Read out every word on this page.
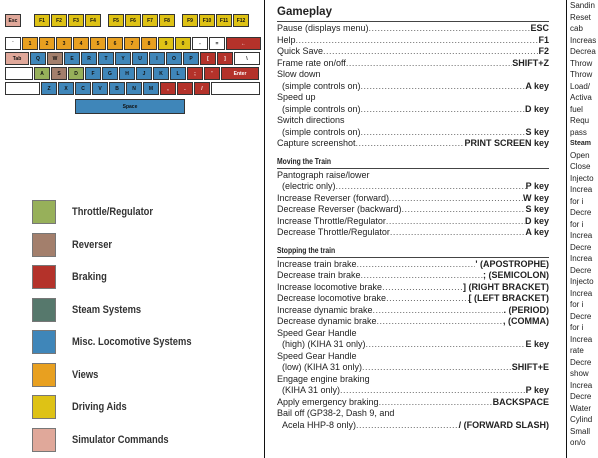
Esc	F1	F2	F3	F4	F5	F6	F7	F8	F9	F10	F11	F12
`	1	2	3	4	5	6	7	8	9	0	-	=	←
Tab	Q	W	E	R	T	Y	U	I	O	P	[	]	\
A	S	D	F	G	H	J	K	L	;	'	Enter
Z	X	C	V	B	N	M	,	.	/
Space
Throttle/Regulator
Reverser
Braking
Steam Systems
Misc. Locomotive Systems
Views
Driving Aids
Simulator Commands
Gameplay
Pause (displays menu) .....	ESC
Help .....	F1
Quick Save .....	F2
Frame rate on/off .....	SHIFT+Z
Slow down
(simple controls on) .....	A key
Speed up
(simple controls on) .....	D key
Switch directions
(simple controls on) .....	S key
Capture screenshot .....	PRINT SCREEN key
Moving the Train
Pantograph raise/lower
(electric only) .....	P key
Increase Reverser (forward) .....	W key
Decrease Reverser (backward) .....	S key
Increase Throttle/Regulator .....	D key
Decrease Throttle/Regulator .....	A key
Stopping the train
Increase train brake .....	' (APOSTROPHE)
Decrease train brake .....	; (SEMICOLON)
Increase locomotive brake .....	] (RIGHT BRACKET)
Decrease locomotive brake .....	[ (LEFT BRACKET)
Increase dynamic brake .....	. (PERIOD)
Decrease dynamic brake .....	, (COMMA)
Speed Gear Handle
(high) (KIHA 31 only) .....	E key
Speed Gear Handle
(low) (KIHA 31 only) .....	SHIFT+E
Engage engine braking
(KIHA 31 only) .....	P key
Apply emergency braking .....	BACKSPACE
Bail off (GP38-2, Dash 9, and
Acela HHP-8 only) .....	/ (FORWARD SLASH)
Sandin
Reset
cab
Increas
Decrea
Throw
Throw
Load/
Activa
fuel
Requ
pass
Steam
Open
Close
Injecto
Increa
for i
Decre
for i
Increa
Decre
Increa
Decre
Injecto
Increa
for i
Decre
for i
Increa
rate
Decre
show
Increa
Decre
Water
Cylind
Small
on/o
